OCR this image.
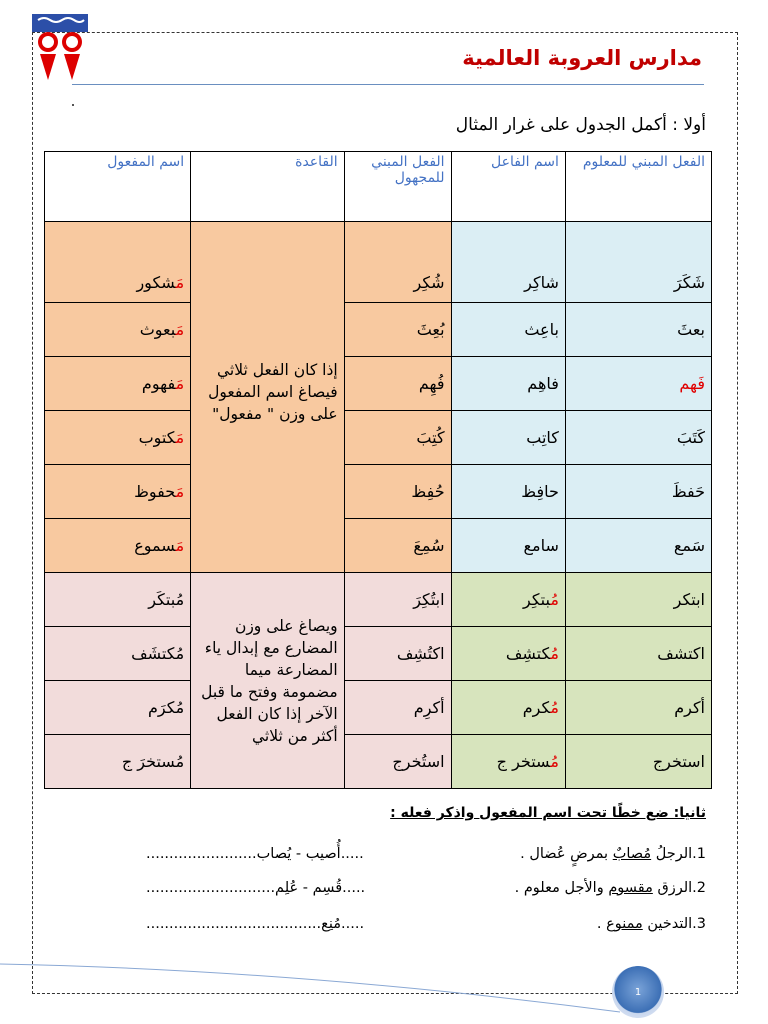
مدارس العروبة العالمية
أولا : أكمل الجدول على غرار المثال
الفعل المبني للمعلوم	اسم الفاعل	الفعل المبني للمجهول	القاعدة	اسم المفعول
شَكَرَ	شاكِر	شُكِر	إذا كان الفعل ثلاثي فيصاغ اسم المفعول على وزن " مفعول"	مَشكور
بعثَ	باعِث	بُعِثَ		مَبعوث
فَهم	فاهِم	فُهِم		مَفهوم
كَتَبَ	كاتِب	كُتِبَ		مَكتوب
حَفظَ	حافِظ	حُفِظ		مَحفوظ
سَمع	سامع	سُمِعَ		مَسموع
ابتكر	مُبتكِر	ابتُكِرَ	ويصاغ على وزن المضارع مع إبدال ياء المضارعة ميما مضمومة وفتح ما قبل الآخر إذا كان الفعل أكثر من ثلاثي	مُبتكَر
اكتشف	مُكتشِف	اكتُشِف		مُكتشَف
أكرم	مُكرم	أكرِم		مُكرَم
استخرج	مُستخر ج	استُخرج		مُستخرَ ج
ثانيا: ضع خطًا تحت اسم المفعول واذكر فعله :
1.الرجلُ مُصابٌ بمرضٍ عُضال .
.....أُصيب - يُصاب........................
2.الرزق مقسوم والأجل معلوم .
.....قُسِم - عُلِم............................
3.التدخين ممنوع .
.....مُنِع......................................
1
